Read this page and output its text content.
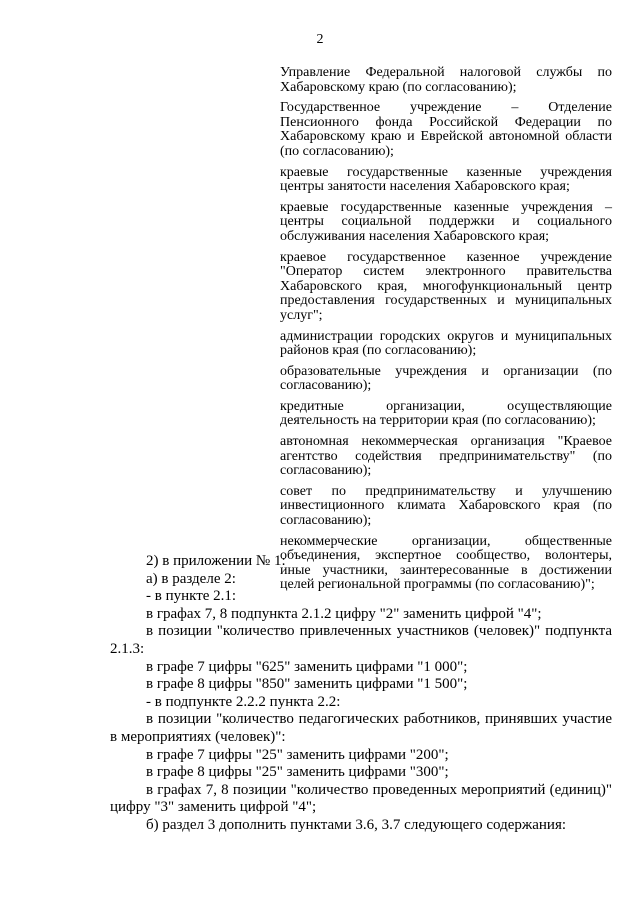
2
Управление Федеральной налоговой службы по Хабаровскому краю (по согласованию);
Государственное учреждение – Отделение Пенсионного фонда Российской Федерации по Хабаровскому краю и Еврейской автономной области (по согласованию);
краевые государственные казенные учреждения центры занятости населения Хабаровского края;
краевые государственные казенные учреждения – центры социальной поддержки и социального обслуживания населения Хабаровского края;
краевое государственное казенное учреждение "Оператор систем электронного правительства Хабаровского края, многофункциональный центр предоставления государственных и муниципальных услуг";
администрации городских округов и муниципальных районов края (по согласованию);
образовательные учреждения и организации (по согласованию);
кредитные организации, осуществляющие деятельность на территории края (по согласованию);
автономная некоммерческая организация "Краевое агентство содействия предпринимательству" (по согласованию);
совет по предпринимательству и улучшению инвестиционного климата Хабаровского края (по согласованию);
некоммерческие организации, общественные объединения, экспертное сообщество, волонтеры, иные участники, заинтересованные в достижении целей региональной программы (по согласованию)";
2) в приложении № 1:
а) в разделе 2:
- в пункте 2.1:
в графах 7, 8 подпункта 2.1.2 цифру "2" заменить цифрой "4";
в позиции "количество привлеченных участников (человек)" подпункта 2.1.3:
в графе 7 цифры "625" заменить цифрами "1 000";
в графе 8 цифры "850" заменить цифрами "1 500";
- в подпункте 2.2.2 пункта 2.2:
в позиции "количество педагогических работников, принявших участие в мероприятиях (человек)":
в графе 7 цифры "25" заменить цифрами "200";
в графе 8 цифры "25" заменить цифрами "300";
в графах 7, 8 позиции "количество проведенных мероприятий (единиц)" цифру "3" заменить цифрой "4";
б) раздел 3 дополнить пунктами 3.6, 3.7 следующего содержания:
